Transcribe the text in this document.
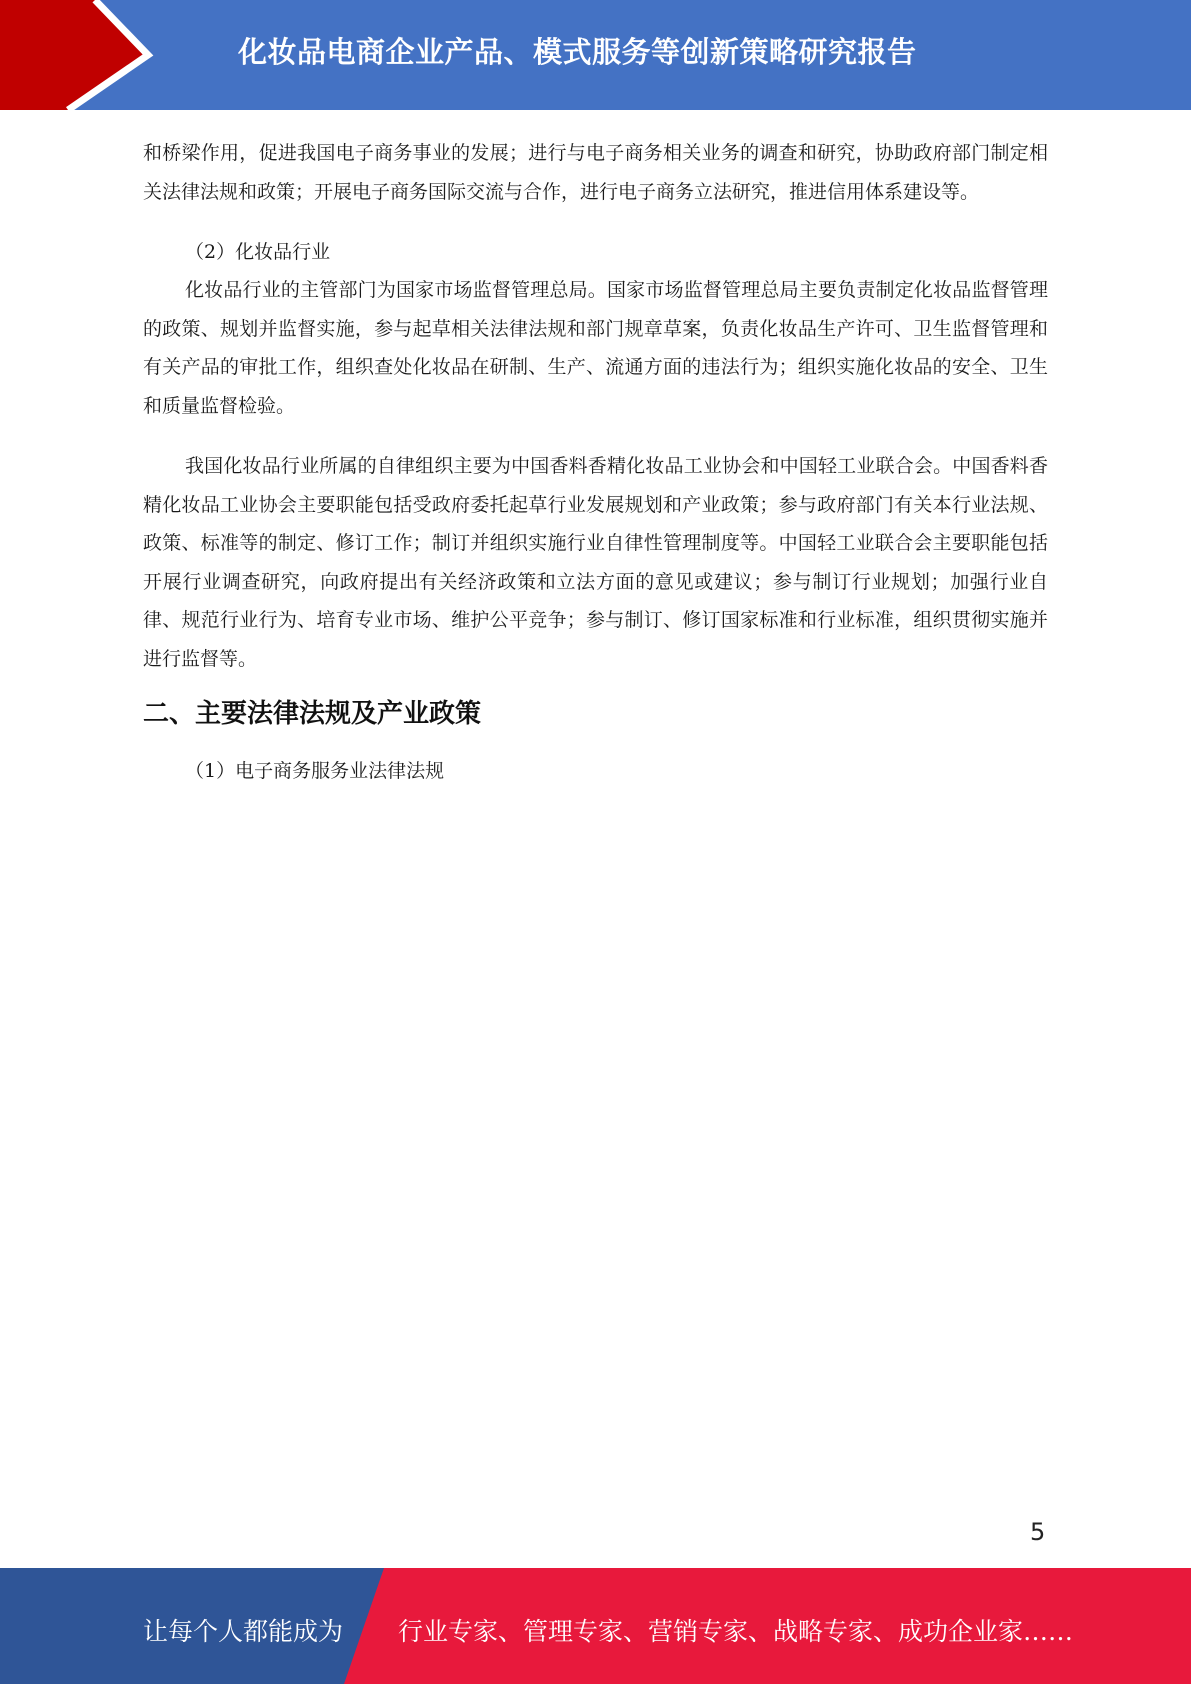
化妆品电商企业产品、模式服务等创新策略研究报告

和桥梁作用，促进我国电子商务事业的发展；进行与电子商务相关业务的调查和研究，协助政府部门制定相关法律法规和政策；开展电子商务国际交流与合作，进行电子商务立法研究，推进信用体系建设等。

（2）化妆品行业

化妆品行业的主管部门为国家市场监督管理总局。国家市场监督管理总局主要负责制定化妆品监督管理的政策、规划并监督实施，参与起草相关法律法规和部门规章草案，负责化妆品生产许可、卫生监督管理和有关产品的审批工作，组织查处化妆品在研制、生产、流通方面的违法行为；组织实施化妆品的安全、卫生和质量监督检验。

我国化妆品行业所属的自律组织主要为中国香料香精化妆品工业协会和中国轻工业联合会。中国香料香精化妆品工业协会主要职能包括受政府委托起草行业发展规划和产业政策；参与政府部门有关本行业法规、政策、标准等的制定、修订工作；制订并组织实施行业自律性管理制度等。中国轻工业联合会主要职能包括开展行业调查研究，向政府提出有关经济政策和立法方面的意见或建议；参与制订行业规划；加强行业自律、规范行业行为、培育专业市场、维护公平竞争；参与制订、修订国家标准和行业标准，组织贯彻实施并进行监督等。

二、主要法律法规及产业政策

（1）电子商务服务业法律法规

5
让每个人都能成为 行业专家、管理专家、营销专家、战略专家、成功企业家……
